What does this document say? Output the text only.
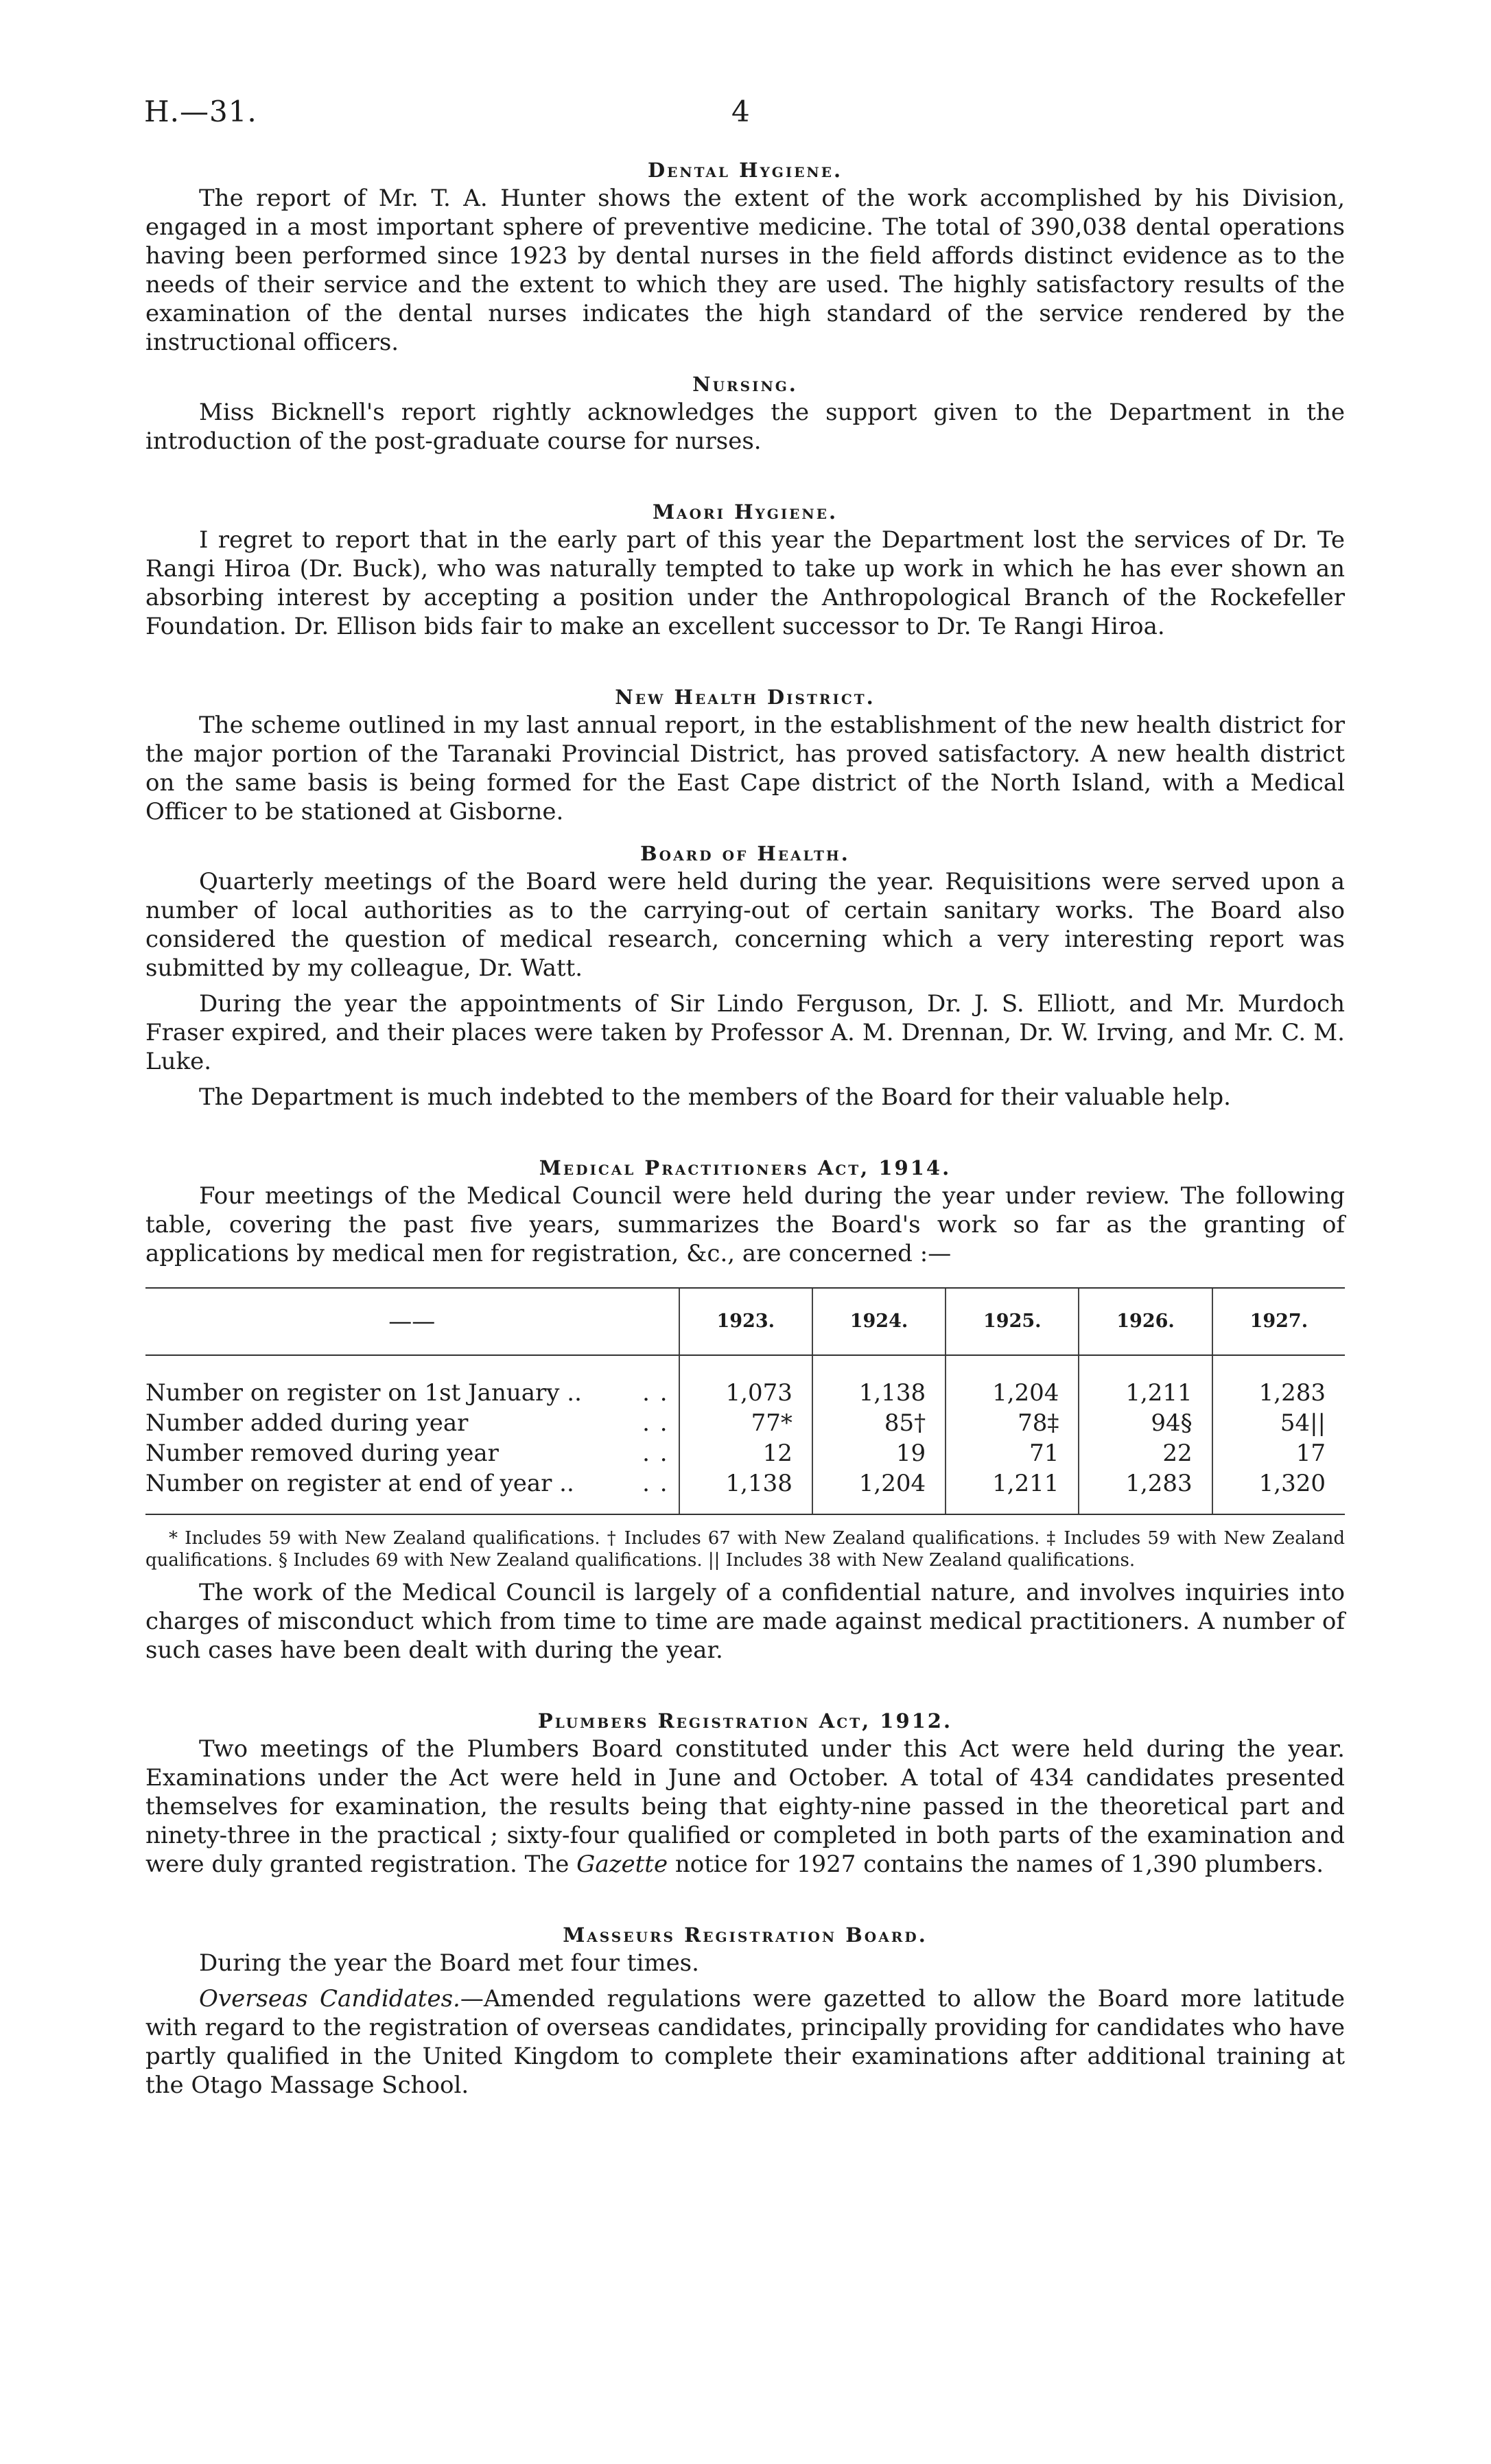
H.—31.	4
Dental Hygiene.

The report of Mr. T. A. Hunter shows the extent of the work accomplished by his Division, engaged in a most important sphere of preventive medicine. The total of 390,038 dental operations having been performed since 1923 by dental nurses in the field affords distinct evidence as to the needs of their service and the extent to which they are used. The highly satisfactory results of the examination of the dental nurses indicates the high standard of the service rendered by the instructional officers.

Nursing.

Miss Bicknell's report rightly acknowledges the support given to the Department in the introduction of the post-graduate course for nurses.

Maori Hygiene.

I regret to report that in the early part of this year the Department lost the services of Dr. Te Rangi Hiroa (Dr. Buck), who was naturally tempted to take up work in which he has ever shown an absorbing interest by accepting a position under the Anthropological Branch of the Rockefeller Foundation. Dr. Ellison bids fair to make an excellent successor to Dr. Te Rangi Hiroa.

New Health District.

The scheme outlined in my last annual report, in the establishment of the new health district for the major portion of the Taranaki Provincial District, has proved satisfactory. A new health district on the same basis is being formed for the East Cape district of the North Island, with a Medical Officer to be stationed at Gisborne.

Board of Health.

Quarterly meetings of the Board were held during the year. Requisitions were served upon a number of local authorities as to the carrying-out of certain sanitary works. The Board also considered the question of medical research, concerning which a very interesting report was submitted by my colleague, Dr. Watt.

During the year the appointments of Sir Lindo Ferguson, Dr. J. S. Elliott, and Mr. Murdoch Fraser expired, and their places were taken by Professor A. M. Drennan, Dr. W. Irving, and Mr. C. M. Luke.

The Department is much indebted to the members of the Board for their valuable help.

Medical Practitioners Act, 1914.

Four meetings of the Medical Council were held during the year under review. The following table, covering the past five years, summarizes the Board's work so far as the granting of applications by medical men for registration, &c., are concerned :—

——	1923.	1924.	1925.	1926.	1927.
Number on register on 1st January .. . .	1,073	1,138	1,204	1,211	1,283
Number added during year . .	77*	85†	78‡	94§	54||
Number removed during year . .	12	19	71	22	17
Number on register at end of year .. . .	1,138	1,204	1,211	1,283	1,320

* Includes 59 with New Zealand qualifications. † Includes 67 with New Zealand qualifications. ‡ Includes 59 with New Zealand qualifications. § Includes 69 with New Zealand qualifications. || Includes 38 with New Zealand qualifications.

The work of the Medical Council is largely of a confidential nature, and involves inquiries into charges of misconduct which from time to time are made against medical practitioners. A number of such cases have been dealt with during the year.

Plumbers Registration Act, 1912.

Two meetings of the Plumbers Board constituted under this Act were held during the year. Examinations under the Act were held in June and October. A total of 434 candidates presented themselves for examination, the results being that eighty-nine passed in the theoretical part and ninety-three in the practical ; sixty-four qualified or completed in both parts of the examination and were duly granted registration. The Gazette notice for 1927 contains the names of 1,390 plumbers.

Masseurs Registration Board.

During the year the Board met four times.

Overseas Candidates.—Amended regulations were gazetted to allow the Board more latitude with regard to the registration of overseas candidates, principally providing for candidates who have partly qualified in the United Kingdom to complete their examinations after additional training at the Otago Massage School.
